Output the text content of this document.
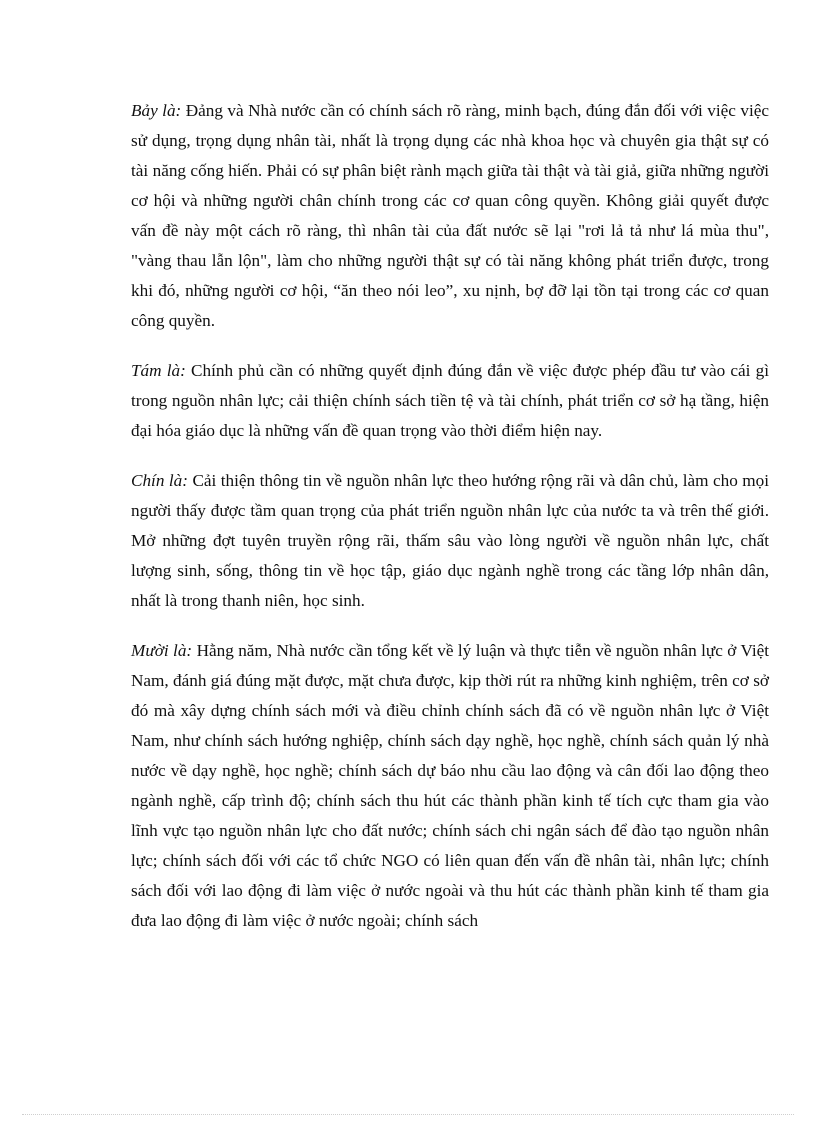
Bảy là: Đảng và Nhà nước cần có chính sách rõ ràng, minh bạch, đúng đắn đối với việc việc sử dụng, trọng dụng nhân tài, nhất là trọng dụng các nhà khoa học và chuyên gia thật sự có tài năng cống hiến. Phải có sự phân biệt rành mạch giữa tài thật và tài giả, giữa những người cơ hội và những người chân chính trong các cơ quan công quyền. Không giải quyết được vấn đề này một cách rõ ràng, thì nhân tài của đất nước sẽ lại "rơi lả tả như lá mùa thu", "vàng thau lẫn lộn", làm cho những người thật sự có tài năng không phát triển được, trong khi đó, những người cơ hội, “ăn theo nói leo”, xu nịnh, bợ đỡ lại tồn tại trong các cơ quan công quyền.

Tám là: Chính phủ cần có những quyết định đúng đắn về việc được phép đầu tư vào cái gì trong nguồn nhân lực; cải thiện chính sách tiền tệ và tài chính, phát triển cơ sở hạ tầng, hiện đại hóa giáo dục là những vấn đề quan trọng vào thời điểm hiện nay.

Chín là: Cải thiện thông tin về nguồn nhân lực theo hướng rộng rãi và dân chủ, làm cho mọi người thấy được tầm quan trọng của phát triển nguồn nhân lực của nước ta và trên thế giới. Mở những đợt tuyên truyền rộng rãi, thấm sâu vào lòng người về nguồn nhân lực, chất lượng sinh, sống, thông tin về học tập, giáo dục ngành nghề trong các tầng lớp nhân dân, nhất là trong thanh niên, học sinh.

Mười là: Hằng năm, Nhà nước cần tổng kết về lý luận và thực tiễn về nguồn nhân lực ở Việt Nam, đánh giá đúng mặt được, mặt chưa được, kịp thời rút ra những kinh nghiệm, trên cơ sở đó mà xây dựng chính sách mới và điều chỉnh chính sách đã có về nguồn nhân lực ở Việt Nam, như chính sách hướng nghiệp, chính sách dạy nghề, học nghề, chính sách quản lý nhà nước về dạy nghề, học nghề; chính sách dự báo nhu cầu lao động và cân đối lao động theo ngành nghề, cấp trình độ; chính sách thu hút các thành phần kinh tế tích cực tham gia vào lĩnh vực tạo nguồn nhân lực cho đất nước; chính sách chi ngân sách để đào tạo nguồn nhân lực; chính sách đối với các tổ chức NGO có liên quan đến vấn đề nhân tài, nhân lực; chính sách đối với lao động đi làm việc ở nước ngoài và thu hút các thành phần kinh tế tham gia đưa lao động đi làm việc ở nước ngoài; chính sách
